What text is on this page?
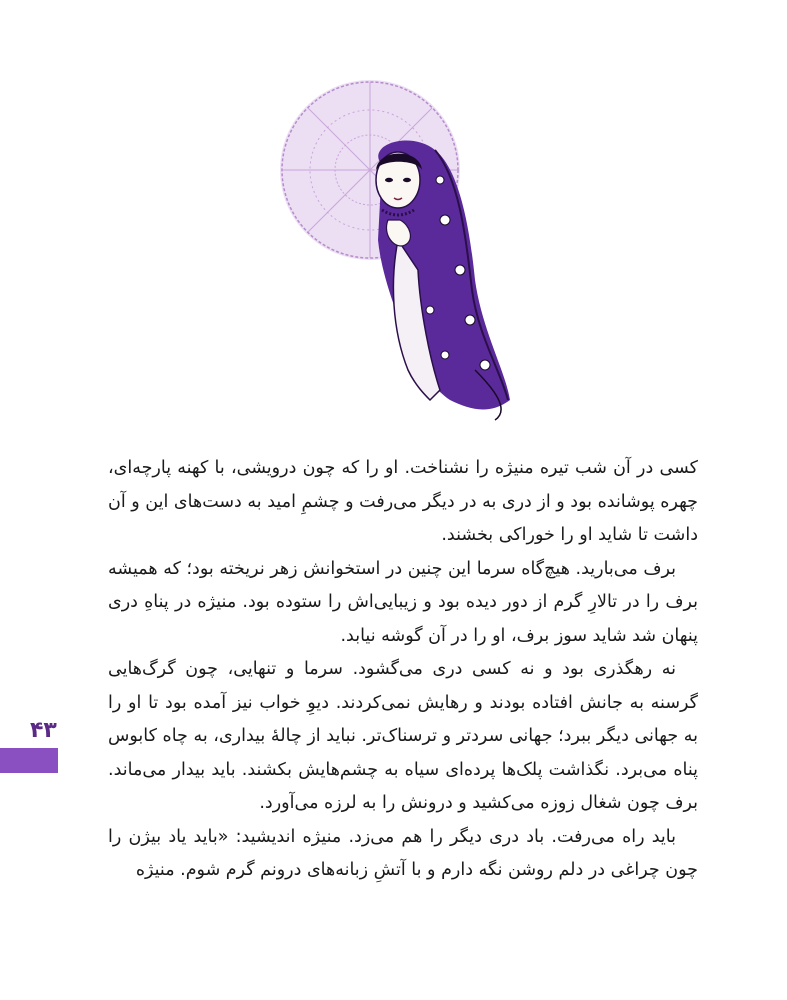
کسی در آن شب تیره منیژه را نشناخت. او را که چون درویشی، با کهنه پارچه‌ای، چهره پوشانده بود و از دری به در دیگر می‌رفت و چشمِ امید به دست‌های این و آن داشت تا شاید او را خوراکی بخشند.

برف می‌بارید. هیچ‌گاه سرما این چنین در استخوانش زهر نریخته بود؛ که همیشه برف را در تالارِ گرم از دور دیده بود و زیبایی‌اش را ستوده بود. منیژه در پناهِ دری پنهان شد شاید سوز برف، او را در آن گوشه نیابد.

نه رهگذری بود و نه کسی دری می‌گشود. سرما و تنهایی، چون گرگ‌هایی گرسنه به جانش افتاده بودند و رهایش نمی‌کردند. دیوِ خواب نیز آمده بود تا او را به جهانی دیگر ببرد؛ جهانی سردتر و ترسناک‌تر. نباید از چالهٔ بیداری، به چاه کابوس پناه می‌برد. نگذاشت پلک‌ها پرده‌ای سیاه به چشم‌هایش بکشند. باید بیدار می‌ماند. برف چون شغال زوزه می‌کشید و درونش را به لرزه می‌آورد.

باید راه می‌رفت. باد دری دیگر را هم می‌زد. منیژه اندیشید: «باید یاد بیژن را چون چراغی در دلم روشن نگه دارم و با آتشِ زبانه‌های درونم گرم شوم. منیژه

۴۳
